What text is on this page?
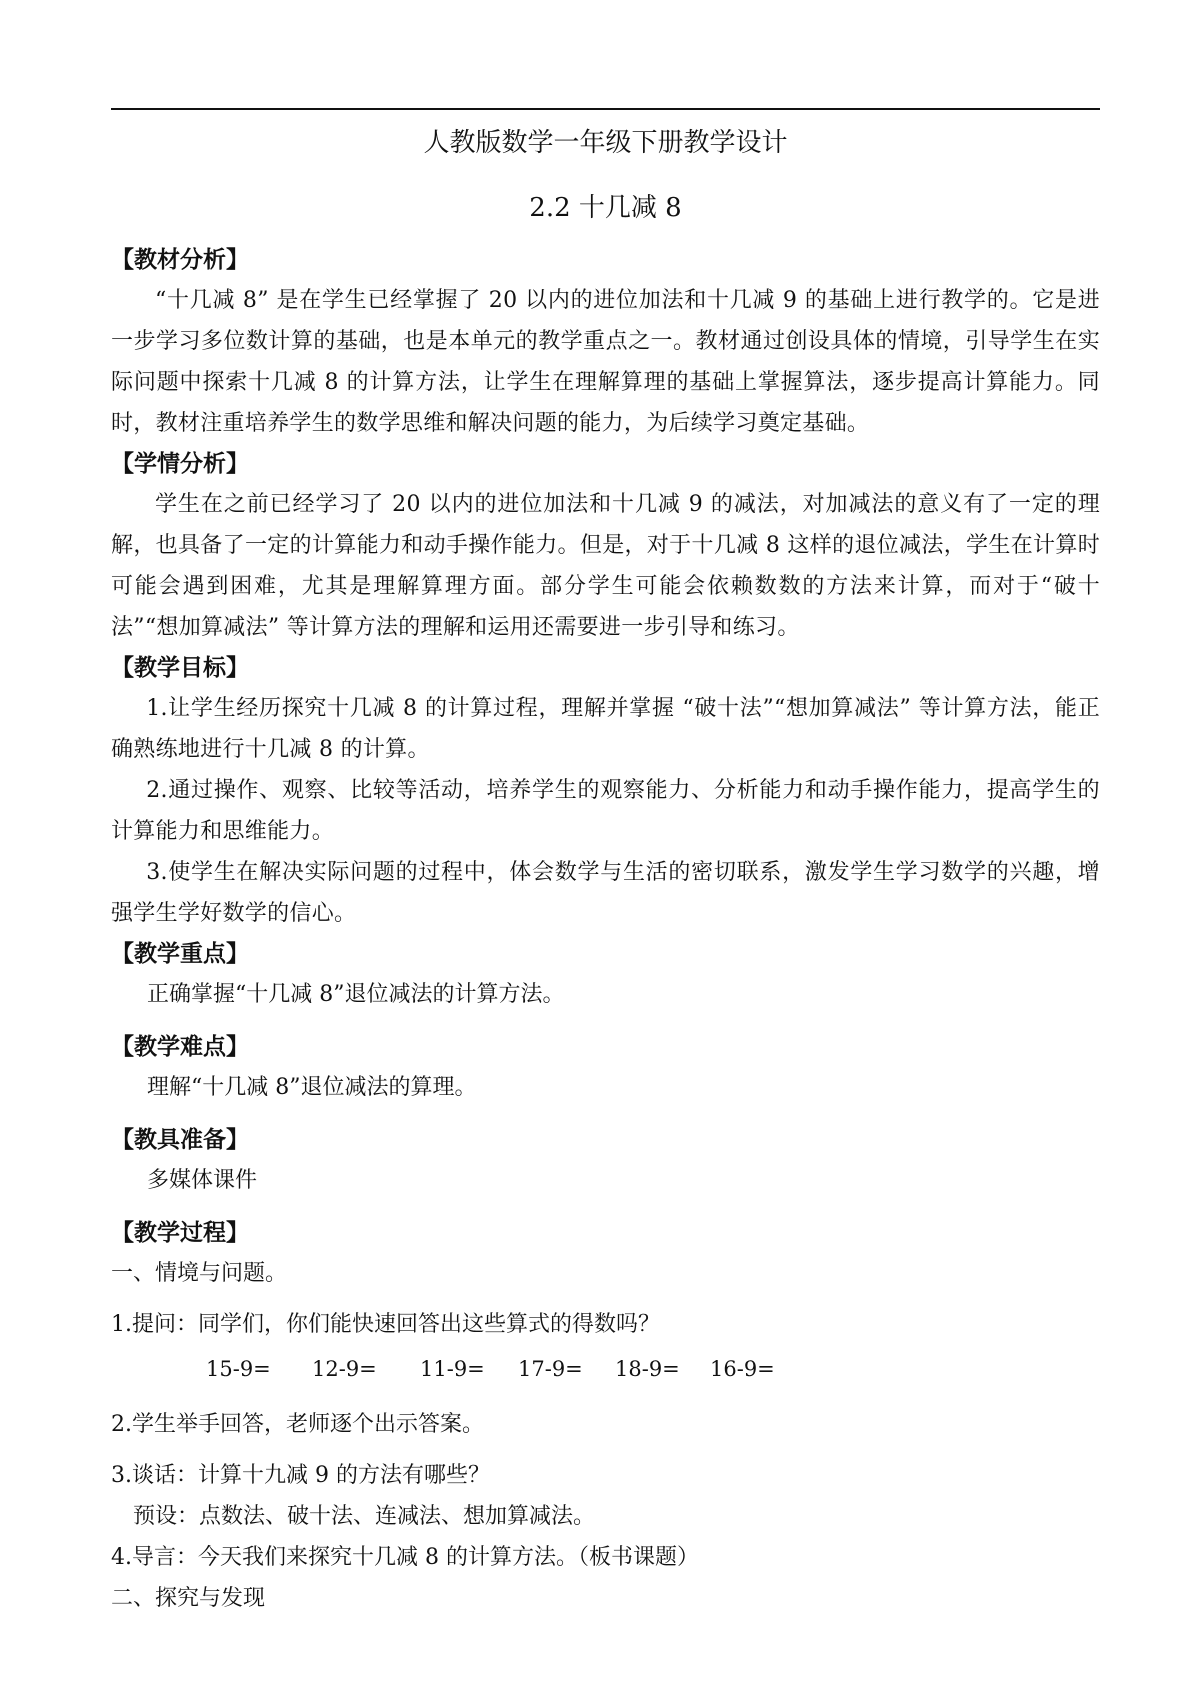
人教版数学一年级下册教学设计
2.2 十几减 8
【教材分析】
“十几减 8” 是在学生已经掌握了 20 以内的进位加法和十几减 9 的基础上进行教学的。它是进一步学习多位数计算的基础，也是本单元的教学重点之一。教材通过创设具体的情境，引导学生在实际问题中探索十几减 8 的计算方法，让学生在理解算理的基础上掌握算法，逐步提高计算能力。同时，教材注重培养学生的数学思维和解决问题的能力，为后续学习奠定基础。
【学情分析】
学生在之前已经学习了 20 以内的进位加法和十几减 9 的减法，对加减法的意义有了一定的理解，也具备了一定的计算能力和动手操作能力。但是，对于十几减 8 这样的退位减法，学生在计算时可能会遇到困难，尤其是理解算理方面。部分学生可能会依赖数数的方法来计算，而对于“破十法”“想加算减法” 等计算方法的理解和运用还需要进一步引导和练习。
【教学目标】
1.让学生经历探究十几减 8 的计算过程，理解并掌握 “破十法”“想加算减法” 等计算方法，能正确熟练地进行十几减 8 的计算。
2.通过操作、观察、比较等活动，培养学生的观察能力、分析能力和动手操作能力，提高学生的计算能力和思维能力。
3.使学生在解决实际问题的过程中，体会数学与生活的密切联系，激发学生学习数学的兴趣，增强学生学好数学的信心。
【教学重点】
正确掌握“十几减 8”退位减法的计算方法。
【教学难点】
理解“十几减 8”退位减法的算理。
【教具准备】
多媒体课件
【教学过程】
一、情境与问题。
1.提问：同学们，你们能快速回答出这些算式的得数吗？
15-9=	12-9=	11-9=	17-9=	18-9=	16-9=
2.学生举手回答，老师逐个出示答案。
3.谈话：计算十九减 9 的方法有哪些？
预设：点数法、破十法、连减法、想加算减法。
4.导言：今天我们来探究十几减 8 的计算方法。（板书课题）
二、探究与发现
